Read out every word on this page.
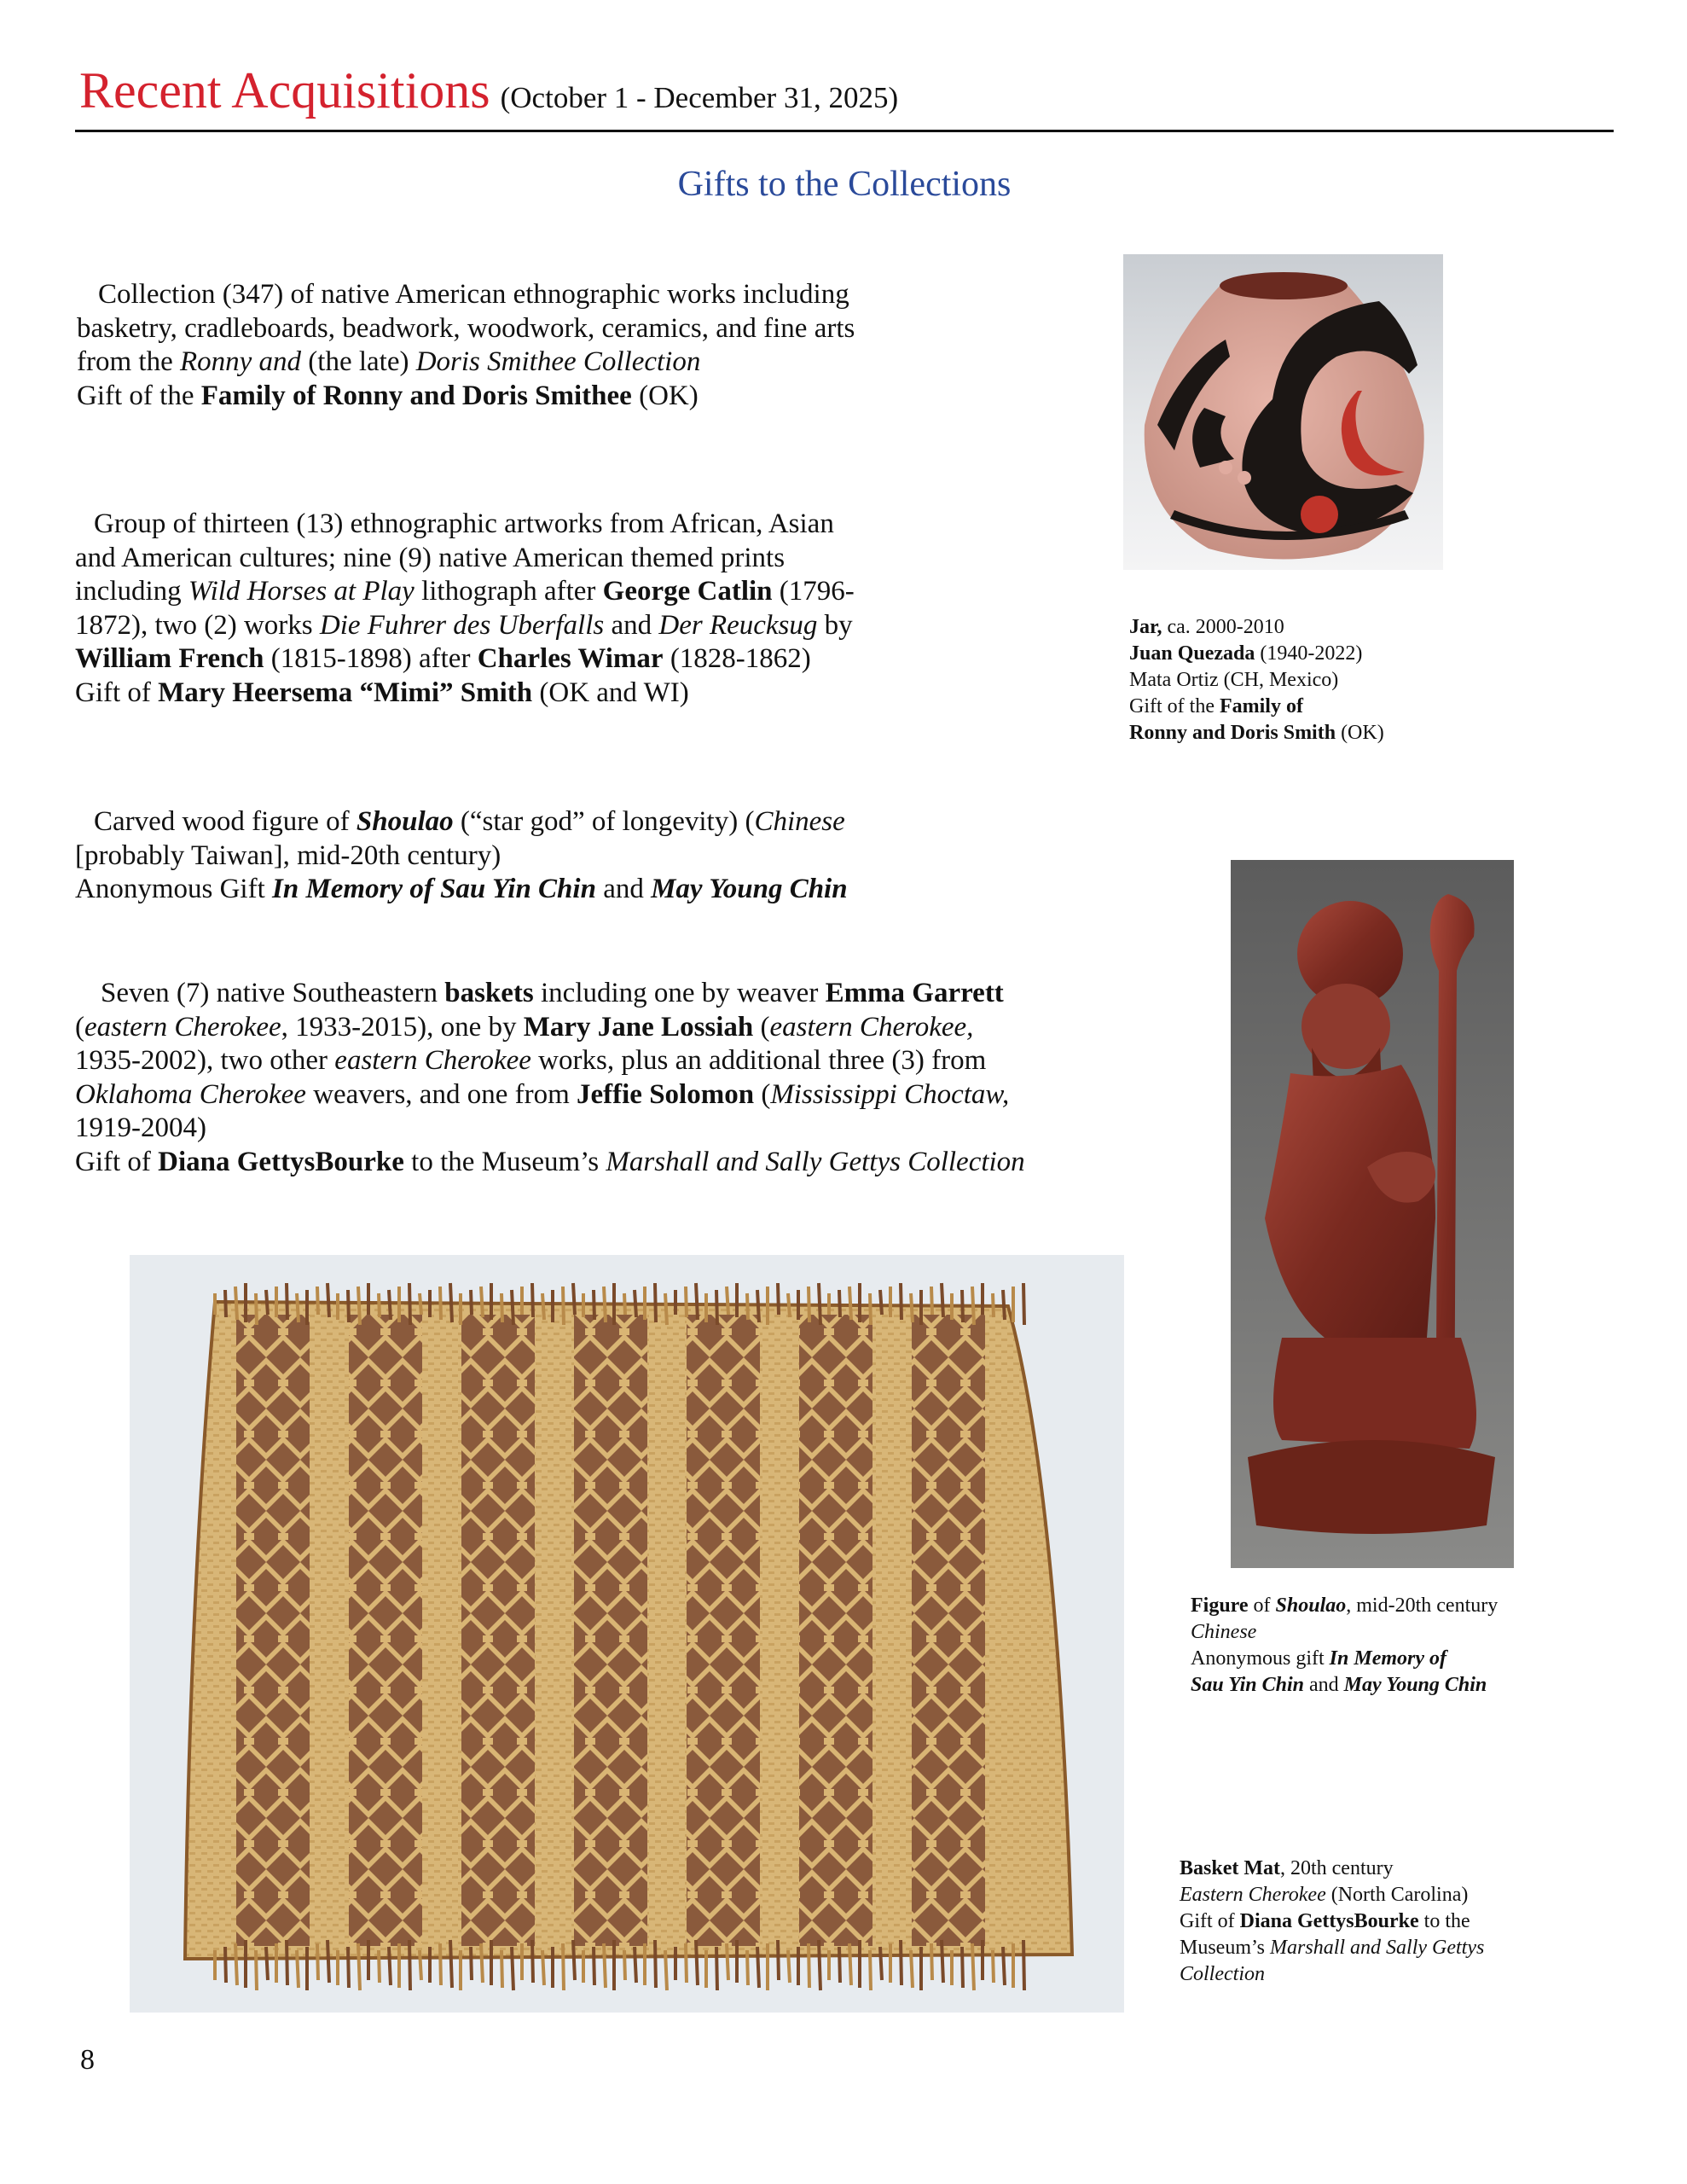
Recent Acquisitions (October 1 - December 31, 2025)
Gifts to the Collections
Collection (347) of native American ethnographic works including
basketry, cradleboards, beadwork, woodwork, ceramics, and fine arts
from the Ronny and (the late) Doris Smithee Collection
Gift of the Family of Ronny and Doris Smithee (OK)
Group of thirteen (13) ethnographic artworks from African, Asian
and American cultures; nine (9) native American themed prints
including Wild Horses at Play lithograph after George Catlin (1796-
1872), two (2) works Die Fuhrer des Uberfalls and Der Reucksug by
William French (1815-1898) after Charles Wimar (1828-1862)
Gift of Mary Heersema “Mimi” Smith (OK and WI)
Carved wood figure of Shoulao (“star god” of longevity) (Chinese
[probably Taiwan], mid-20th century)
Anonymous Gift In Memory of Sau Yin Chin and May Young Chin
Seven (7) native Southeastern baskets including one by weaver Emma Garrett
(eastern Cherokee, 1933-2015), one by Mary Jane Lossiah (eastern Cherokee,
1935-2002), two other eastern Cherokee works, plus an additional three (3) from
Oklahoma Cherokee weavers, and one from Jeffie Solomon (Mississippi Choctaw,
1919-2004)
Gift of Diana GettysBourke to the Museum’s Marshall and Sally Gettys Collection
Jar, ca. 2000-2010
Juan Quezada (1940-2022)
Mata Ortiz (CH, Mexico)
Gift of the Family of
Ronny and Doris Smith (OK)
Figure of Shoulao, mid-20th century
Chinese
Anonymous gift In Memory of
Sau Yin Chin and May Young Chin
Basket Mat, 20th century
Eastern Cherokee (North Carolina)
Gift of Diana GettysBourke to the
Museum’s Marshall and Sally Gettys
Collection
8
